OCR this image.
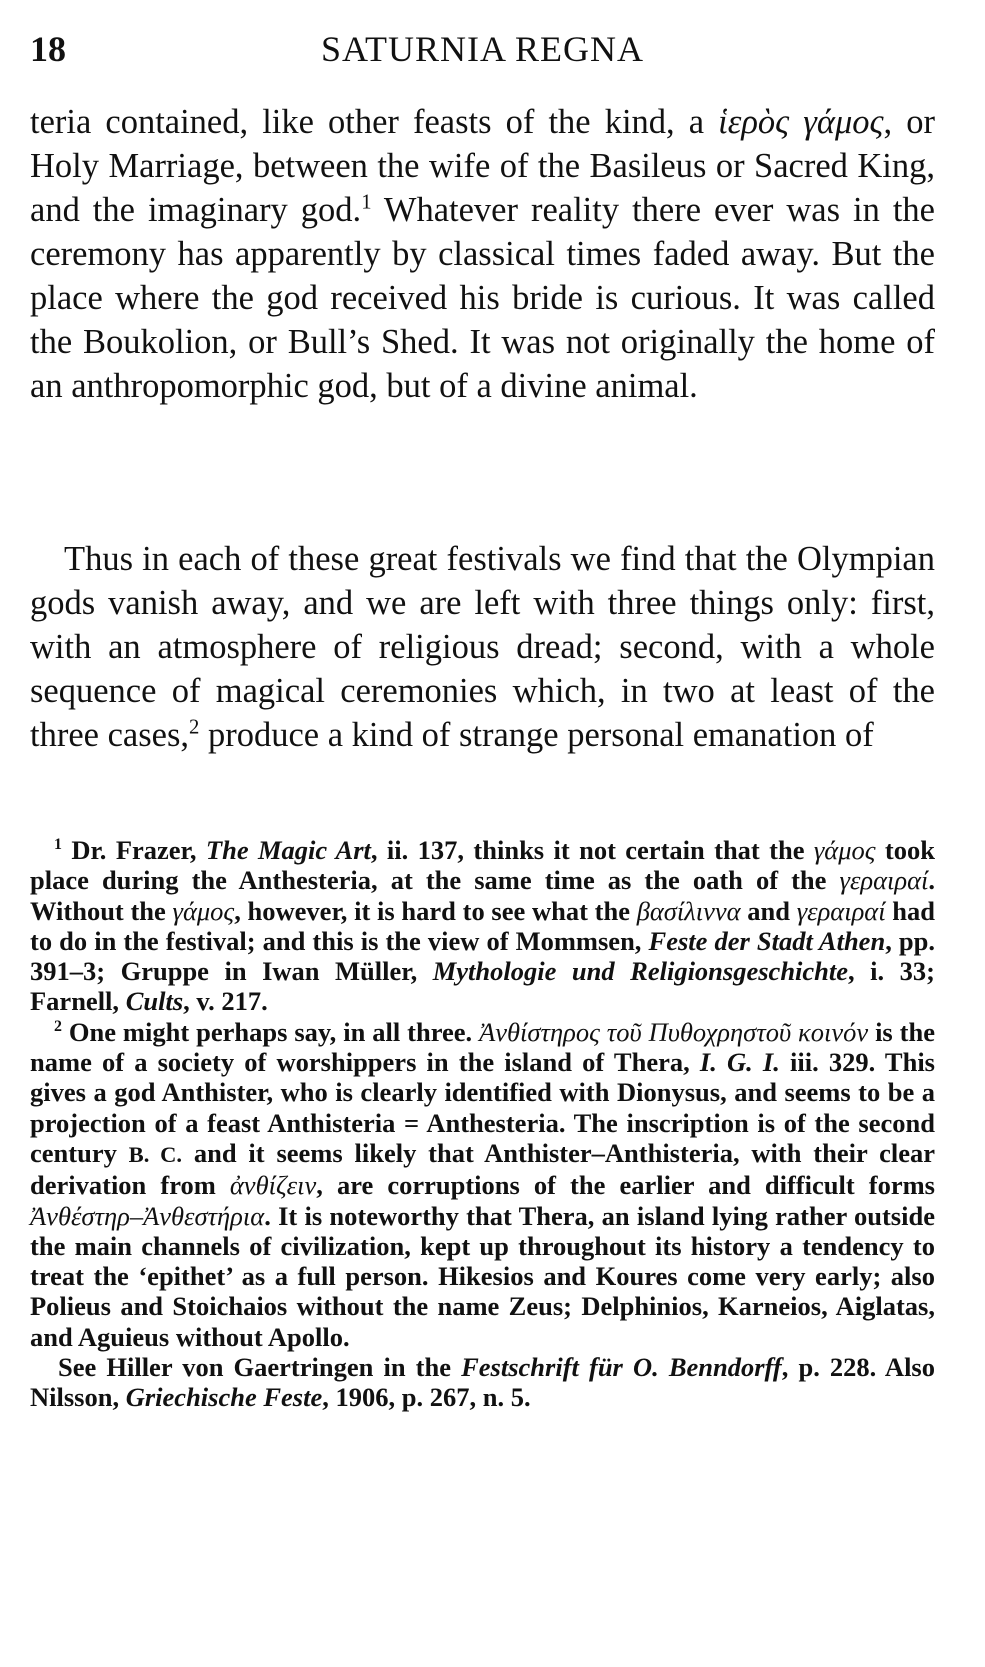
18	SATURNIA REGNA

teria contained, like other feasts of the kind, a ἱερὸς γάμος, or Holy Marriage, between the wife of the Basileus or Sacred King, and the imaginary god.$^1$ Whatever reality there ever was in the ceremony has apparently by classical times faded away. But the place where the god received his bride is curious. It was called the Boukolion, or Bull’s Shed. It was not originally the home of an anthropomorphic god, but of a divine animal.

Thus in each of these great festivals we find that the Olympian gods vanish away, and we are left with three things only: first, with an atmosphere of religious dread; second, with a whole sequence of magical ceremonies which, in two at least of the three cases,$^2$ produce a kind of strange personal emanation of

$^1$ Dr. Frazer, The Magic Art, ii. 137, thinks it not certain that the γάμος took place during the Anthesteria, at the same time as the oath of the γεραιραί. Without the γάμος, however, it is hard to see what the βασίλιννα and γεραιραί had to do in the festival; and this is the view of Mommsen, Feste der Stadt Athen, pp. 391–3; Gruppe in Iwan Müller, Mythologie und Religionsgeschichte, i. 33; Farnell, Cults, v. 217.

$^2$ One might perhaps say, in all three. Ἀνθίστηρος τοῦ Πυθοχρηστοῦ κοινόν is the name of a society of worshippers in the island of Thera, I. G. I. iii. 329. This gives a god Anthister, who is clearly identified with Dionysus, and seems to be a projection of a feast Anthisteria = Anthesteria. The inscription is of the second century B. C. and it seems likely that Anthister–Anthisteria, with their clear derivation from ἀνθίζειν, are corruptions of the earlier and difficult forms Ἀνθέστηρ–Ἀνθεστήρια. It is noteworthy that Thera, an island lying rather outside the main channels of civilization, kept up throughout its history a tendency to treat the ‘epithet’ as a full person. Hikesios and Koures come very early; also Polieus and Stoichaios without the name Zeus; Delphinios, Karneios, Aiglatas, and Aguieus without Apollo.

See Hiller von Gaertringen in the Festschrift für O. Benndorff, p. 228. Also Nilsson, Griechische Feste, 1906, p. 267, n. 5.
